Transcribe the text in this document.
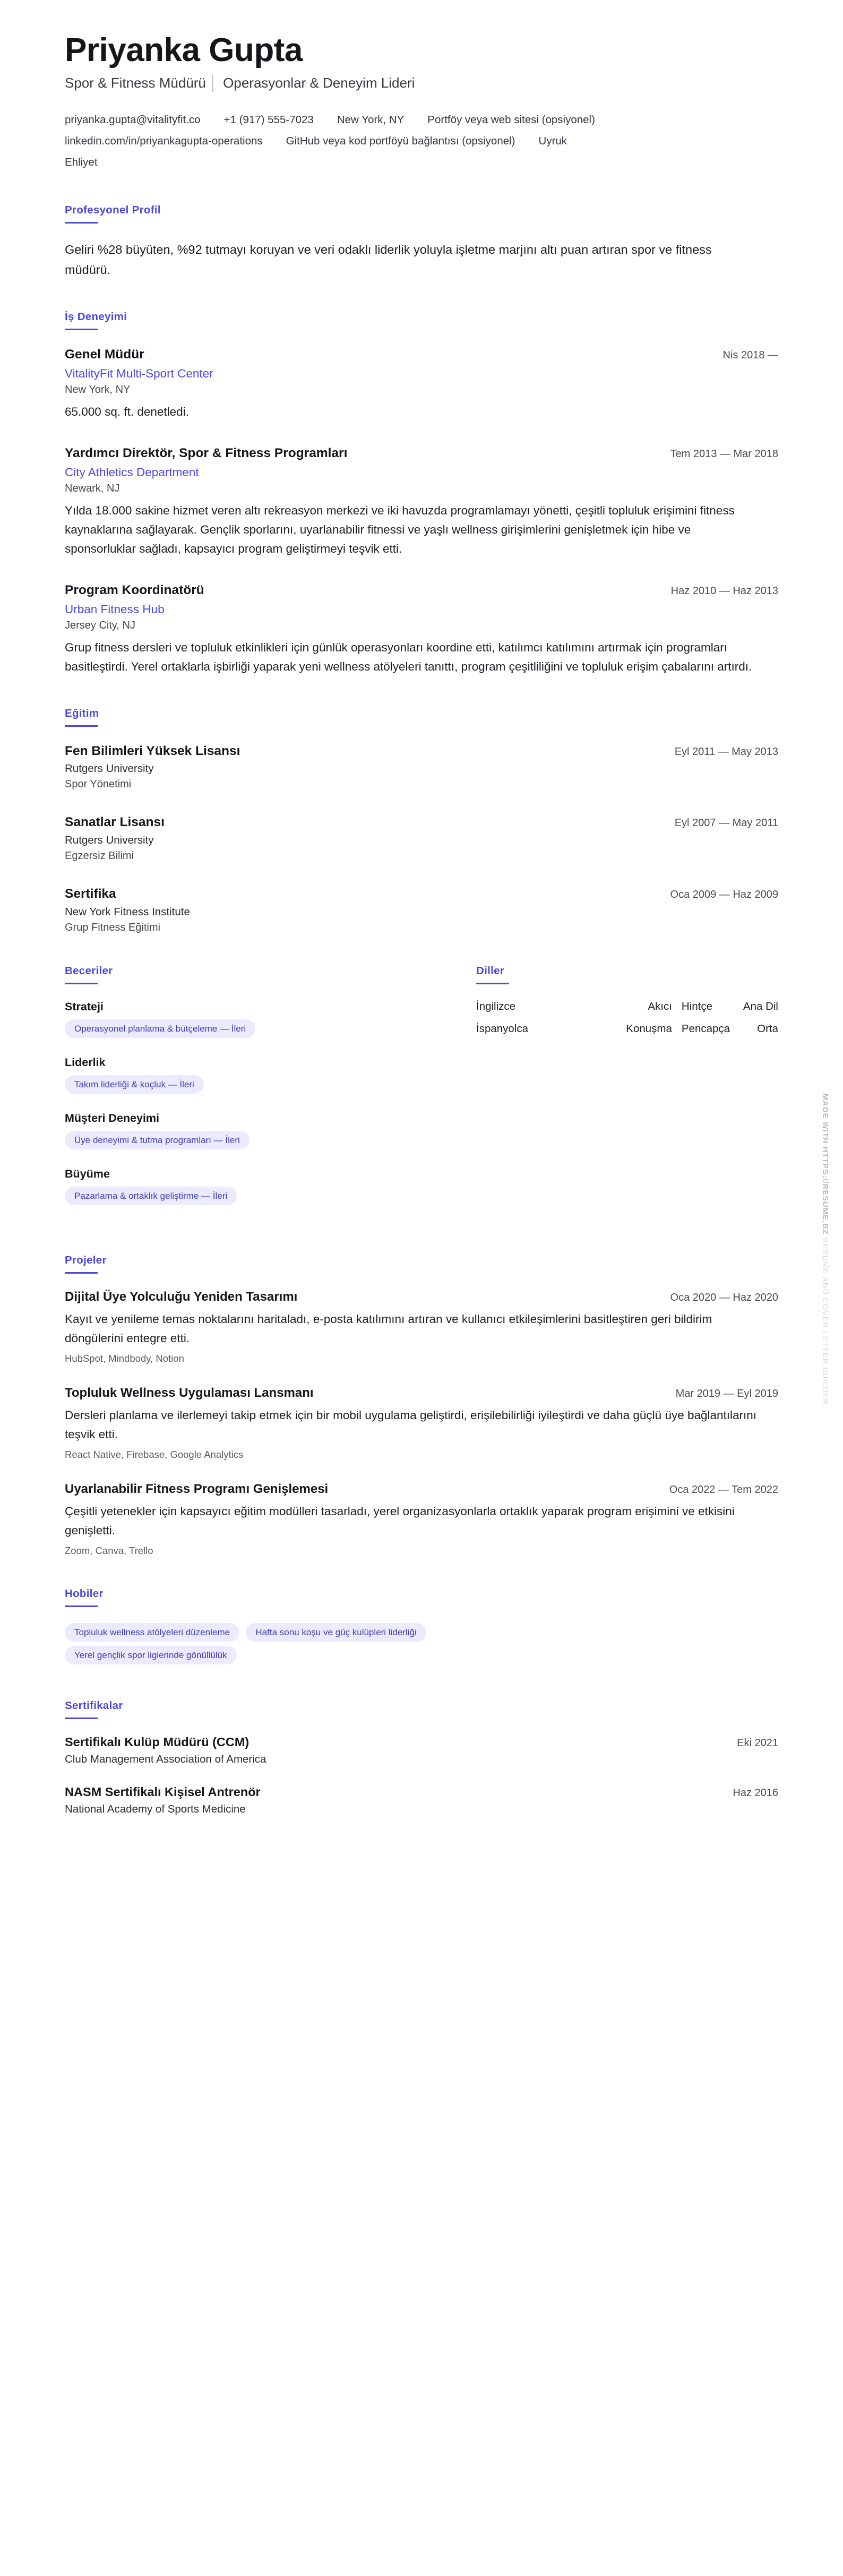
Priyanka Gupta
Spor & Fitness Müdürü │ Operasyonlar & Deneyim Lideri
priyanka.gupta@vitalityfit.co +1 (917) 555-7023 New York, NY Portföy veya web sitesi (opsiyonel)
linkedin.com/in/priyankagupta-operations GitHub veya kod portföyü bağlantısı (opsiyonel) Uyruk
Ehliyet
Profesyonel Profil

Geliri %28 büyüten, %92 tutmayı koruyan ve veri odaklı liderlik yoluyla işletme marjını altı puan artıran spor ve fitness müdürü.

İş Deneyimi
Genel Müdür	Nis 2018 —
VitalityFit Multi-Sport Center
New York, NY
65.000 sq. ft. denetledi.
Yardımcı Direktör, Spor & Fitness Programları	Tem 2013 — Mar 2018
City Athletics Department
Newark, NJ
Yılda 18.000 sakine hizmet veren altı rekreasyon merkezi ve iki havuzda programlamayı yönetti, çeşitli topluluk erişimini fitness kaynaklarına sağlayarak. Gençlik sporlarını, uyarlanabilir fitnessi ve yaşlı wellness girişimlerini genişletmek için hibe ve sponsorluklar sağladı, kapsayıcı program geliştirmeyi teşvik etti.
Program Koordinatörü	Haz 2010 — Haz 2013
Urban Fitness Hub
Jersey City, NJ
Grup fitness dersleri ve topluluk etkinlikleri için günlük operasyonları koordine etti, katılımcı katılımını artırmak için programları basitleştirdi. Yerel ortaklarla işbirliği yaparak yeni wellness atölyeleri tanıttı, program çeşitliliğini ve topluluk erişim çabalarını artırdı.
Eğitim
Fen Bilimleri Yüksek Lisansı	Eyl 2011 — May 2013
Rutgers University
Spor Yönetimi
Sanatlar Lisansı	Eyl 2007 — May 2011
Rutgers University
Egzersiz Bilimi
Sertifika	Oca 2009 — Haz 2009
New York Fitness Institute
Grup Fitness Eğitimi
Beceriler
Strateji
Operasyonel planlama & bütçeleme — İleri
Liderlik
Takım liderliği & koçluk — İleri
Müşteri Deneyimi
Üye deneyimi & tutma programları — İleri
Büyüme
Pazarlama & ortaklık geliştirme — İleri
Diller
İngilizce	Akıcı	Hintçe	Ana Dil
İspanyolca	Konuşma	Pencapça	Orta
Projeler
Dijital Üye Yolculuğu Yeniden Tasarımı	Oca 2020 — Haz 2020
Kayıt ve yenileme temas noktalarını haritaladı, e-posta katılımını artıran ve kullanıcı etkileşimlerini basitleştiren geri bildirim döngülerini entegre etti.
HubSpot, Mindbody, Notion
Topluluk Wellness Uygulaması Lansmanı	Mar 2019 — Eyl 2019
Dersleri planlama ve ilerlemeyi takip etmek için bir mobil uygulama geliştirdi, erişilebilirliği iyileştirdi ve daha güçlü üye bağlantılarını teşvik etti.
React Native, Firebase, Google Analytics
Uyarlanabilir Fitness Programı Genişlemesi	Oca 2022 — Tem 2022
Çeşitli yetenekler için kapsayıcı eğitim modülleri tasarladı, yerel organizasyonlarla ortaklık yaparak program erişimini ve etkisini genişletti.
Zoom, Canva, Trello
Hobiler
Topluluk wellness atölyeleri düzenleme	Hafta sonu koşu ve güç kulüpleri liderliği
Yerel gençlik spor liglerinde gönüllülük
Sertifikalar
Sertifikalı Kulüp Müdürü (CCM)	Eki 2021
Club Management Association of America
NASM Sertifikalı Kişisel Antrenör	Haz 2016
National Academy of Sports Medicine
MADE WITH HTTPS://RESUME.BZ RESUME AND COVER LETTER BUILDER
